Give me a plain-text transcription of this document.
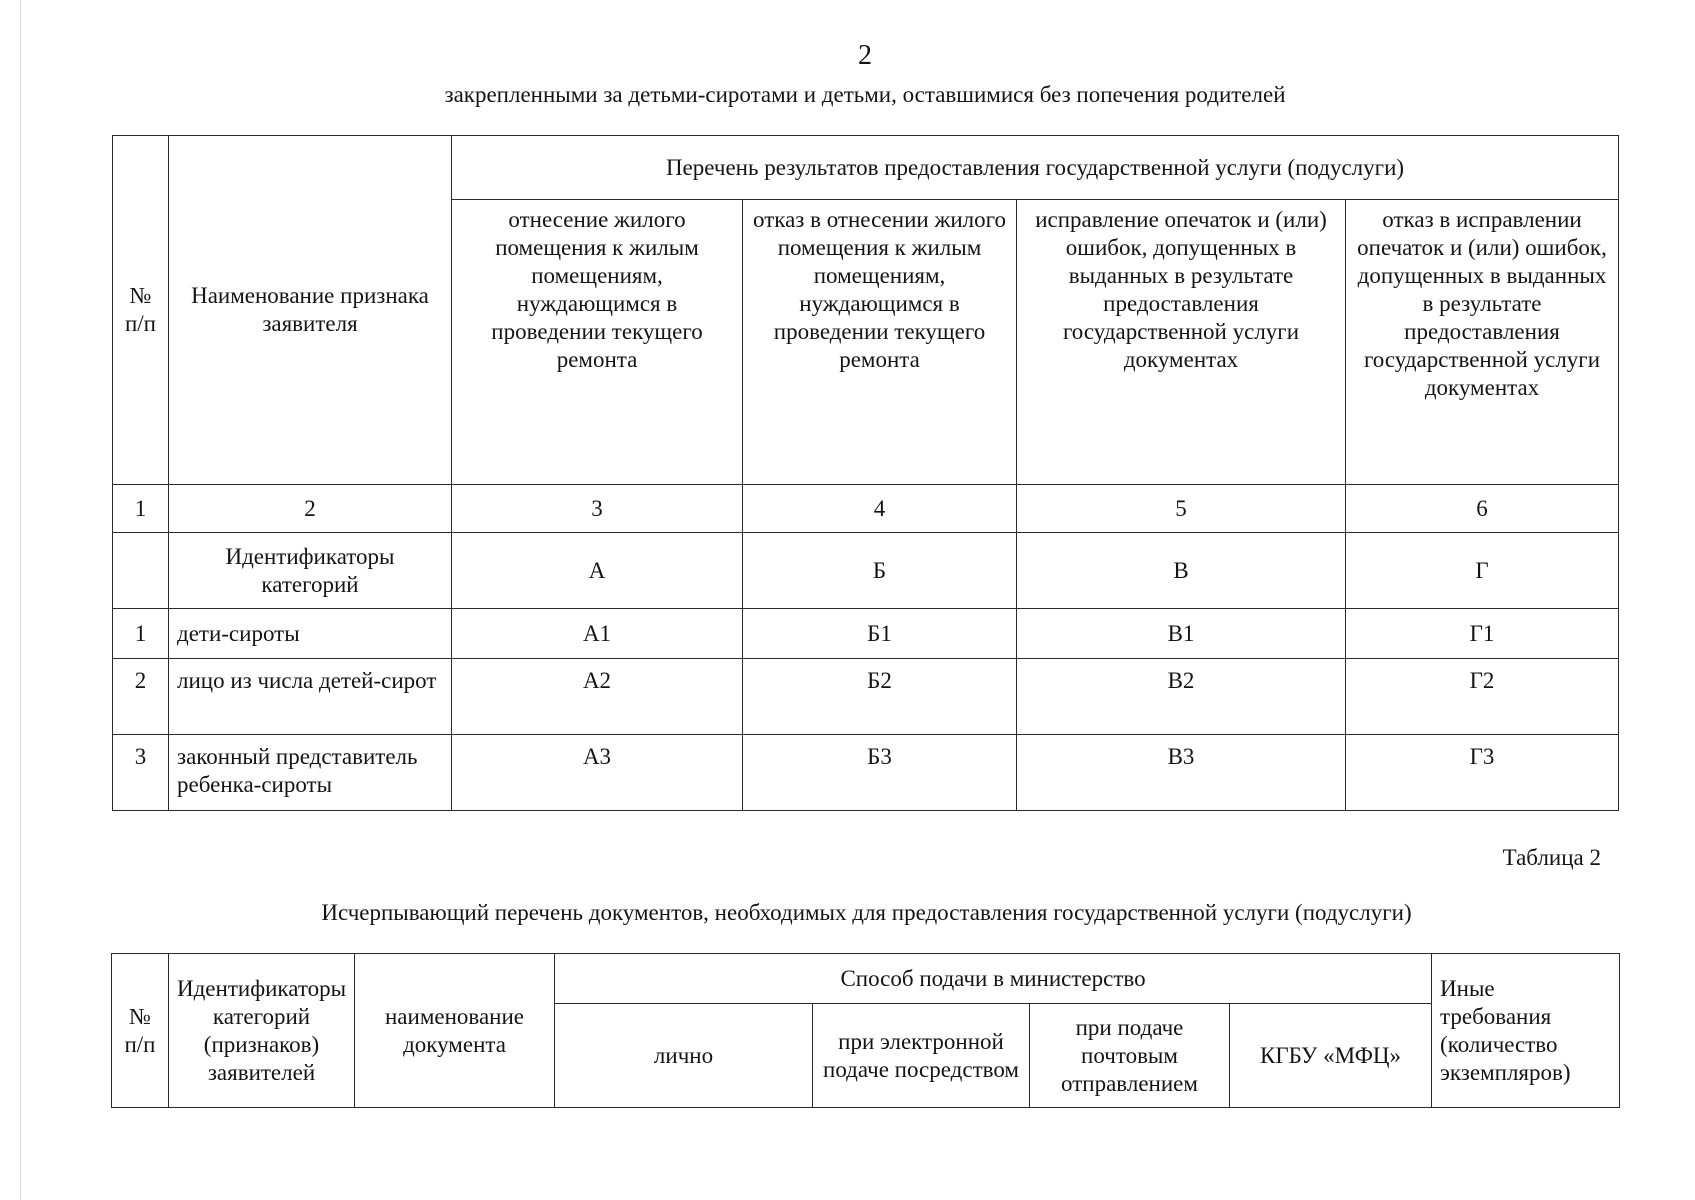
2
закрепленными за детьми-сиротами и детьми, оставшимися без попечения родителей
№ п/п	Наименование признака заявителя	Перечень результатов предоставления государственной услуги (подуслуги)			
		отнесение жилого помещения к жилым помещениям, нуждающимся в проведении текущего ремонта	отказ в отнесении жилого помещения к жилым помещениям, нуждающимся в проведении текущего ремонта	исправление опечаток и (или) ошибок, допущенных в выданных в результате предоставления государственной услуги документах	отказ в исправлении опечаток и (или) ошибок, допущенных в выданных в результате предоставления государственной услуги документах
1	2	3	4	5	6
	Идентификаторы категорий	А	Б	В	Г
1	дети-сироты	А1	Б1	В1	Г1
2	лицо из числа детей-сирот	А2	Б2	В2	Г2
3	законный представитель ребенка-сироты	А3	Б3	В3	Г3
Таблица 2
Исчерпывающий перечень документов, необходимых для предоставления государственной услуги (подуслуги)
№ п/п	Идентификаторы категорий (признаков) заявителей	наименование документа	Способ подачи в министерство				Иные требования (количество экземпляров)
			лично	при электронной подаче посредством	при подаче почтовым отправлением	КГБУ «МФЦ»	
